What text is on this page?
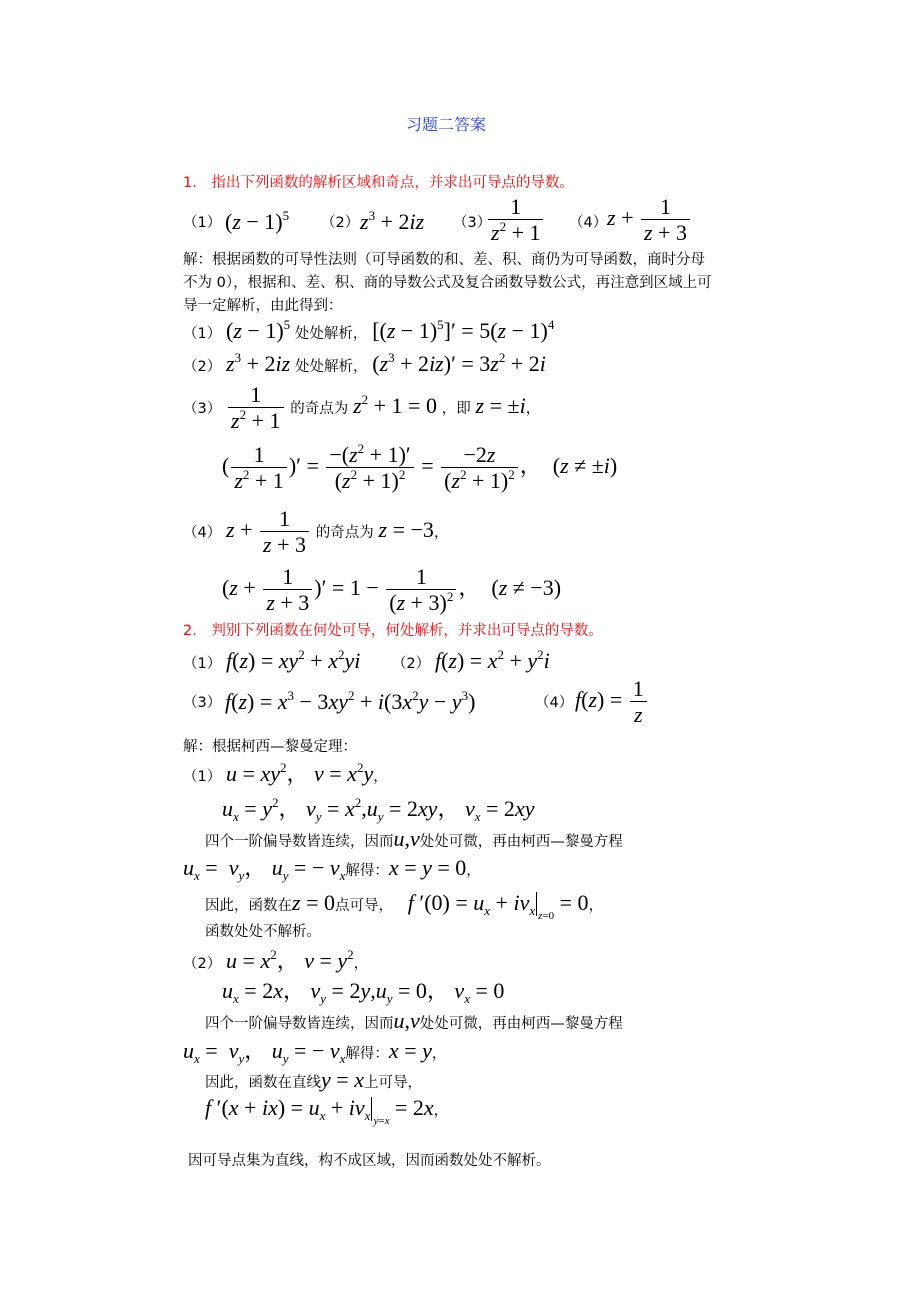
习题二答案
1． 指出下列函数的解析区域和奇点，并求出可导点的导数。
（1） $(z - 1)^5$ （2） $z^3 + 2iz$ （3）
$\frac{1}{z^2 + 1} (4) z + \frac{1}{z + 3}$
解：根据函数的可导性法则（可导函数的和、差、积、商仍为可导函数，商时分母
不为 0），根据和、差、积、商的导数公式及复合函数导数公式，再注意到区域上可
导一定解析，由此得到：
（1） $(z - 1)^5$ 处处解析， $[(z - 1)^5]' = 5(z - 1)^4$
（2） $z^3 + 2iz$ 处处解析， $(z^3 + 2iz)' = 3z^2 + 2i$
$(3) \frac{1}{z^2 + 1}$ 的奇点为 $z^2 + 1 = 0$ ，即 z = ±i，
( $\frac{1}{z^2 + 1}$ )′ = $\frac{-(z^2 + 1)'}{(z^2 + 1)^2} = \frac{-2z}{(z^2 + 1)^2}$ ，  (z ≠ ±i)
（4） $z + \frac{1}{z + 3}$ 的奇点为 z = −3，
($z + \frac{1}{z + 3}$ )′ = $1 - \frac{1}{(z + 3)^2}$ ，  (z ≠ −3)
2． 判别下列函数在何处可导，何处解析，并求出可导点的导数。
（1） $f(z) = xy^2 + x^2yi$ （2） $f(z) = x^2 + y^2i$
（3） $f(z) = x^3 - 3xy^2 + i(3x^2y - y^3)$	（4） $f(z) = \frac{1}{z}$
解：根据柯西—黎曼定理：
（1） $u = xy^2$， $v = x^2y$，
$u_x = y^2$， $v_y = x^2,u_y = 2xy$， $v_x = 2xy$
四个一阶偏导数皆连续，因而u,v处处可微，再由柯西—黎曼方程
$u_x = v_y$， $u_y$ = − $v_x$解得：x = y = 0，
因此，函数在z = 0点可导， f $'(0) = u_x + iv_x$ $_{z=0}$ = 0，
函数处处不解析。
（2） $u = x^2$， $v = y^2$，
$u_x = 2x$， $v_y = 2y,u_y = 0$， $v_x = 0$
四个一阶偏导数皆连续，因而u,v处处可微，再由柯西—黎曼方程
$u_x = v_y$， $u_y$ = − $v_x$解得：x = y，
因此，函数在直线y = x上可导，
f $'(x + ix) = u_x + iv_x$ $_{y=x}$ = 2x，
因可导点集为直线，构不成区域，因而函数处处不解析。
